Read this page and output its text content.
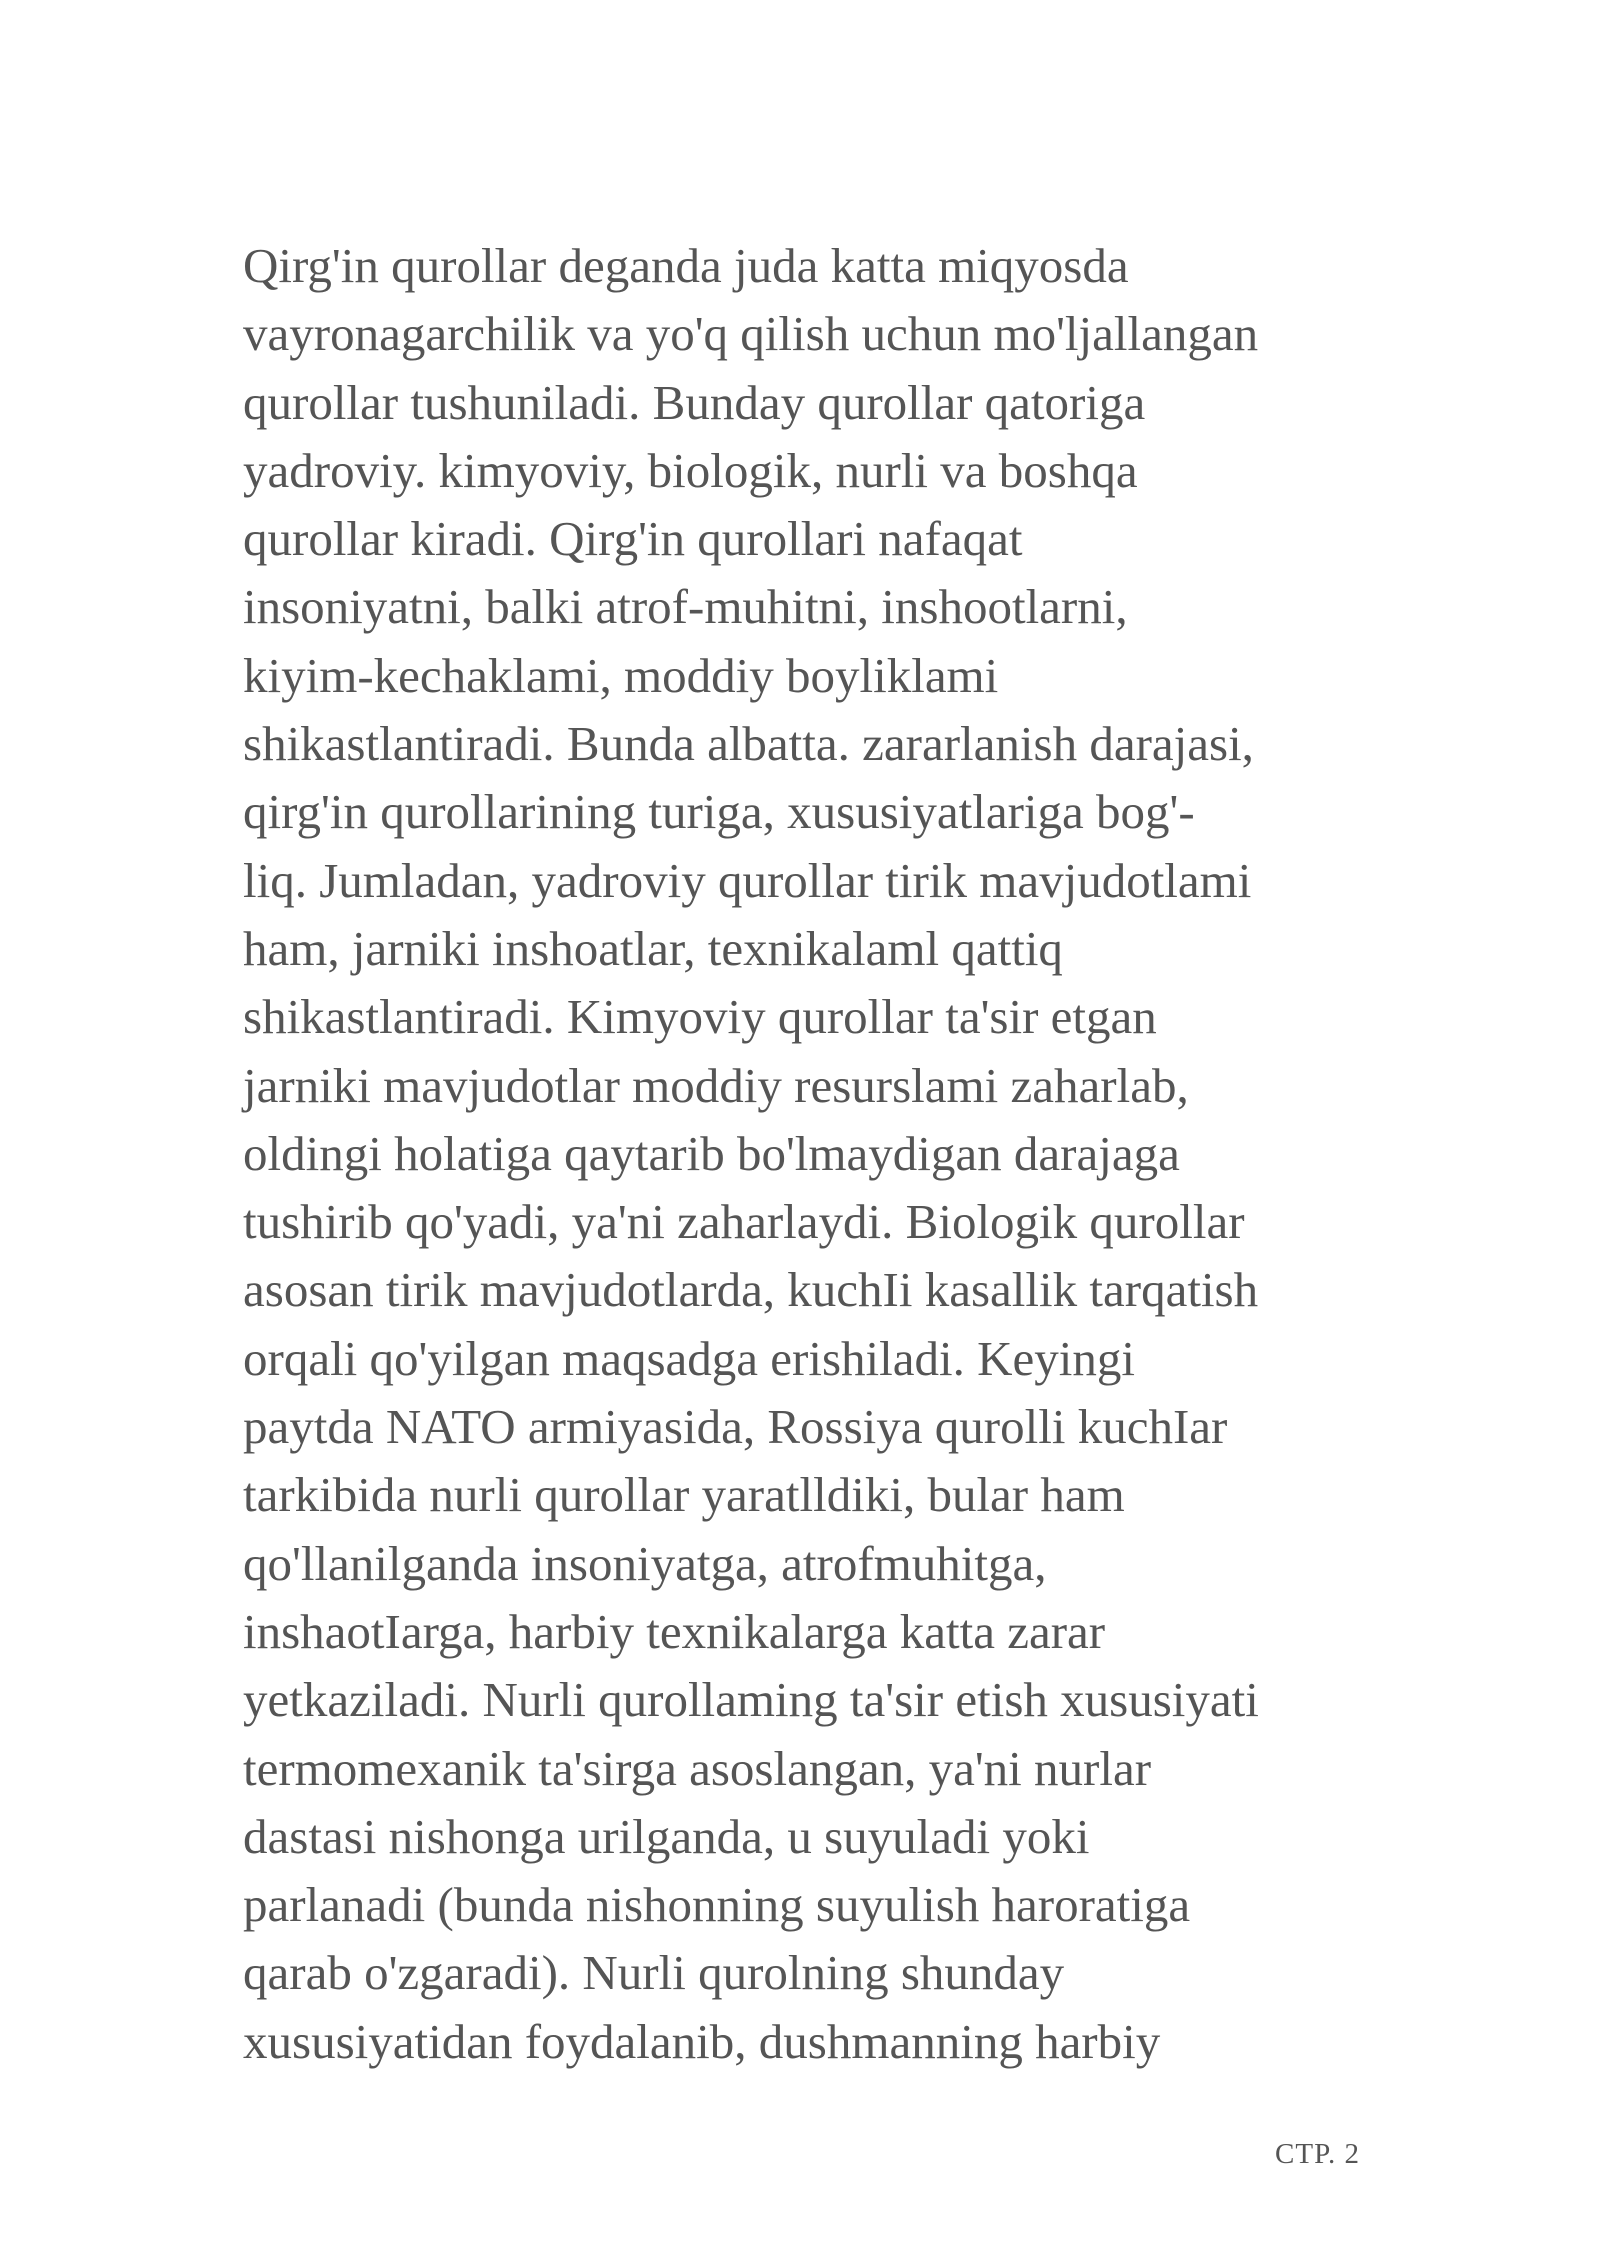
Qirg'in qurollar deganda juda katta miqyosda
vayronagarchilik va yo'q qilish uchun mo'ljallangan
qurollar tushuniladi. Bunday qurollar qatoriga
yadroviy. kimyoviy, biologik, nurli va boshqa
qurollar kiradi. Qirg'in qurollari nafaqat
insoniyatni, balki atrof-muhitni, inshootlarni,
kiyim-kechaklami, moddiy boyliklami
shikastlantiradi. Bunda albatta. zararlanish darajasi,
qirg'in qurollarining turiga, xususiyatlariga bog'-
liq. Jumladan, yadroviy qurollar tirik mavjudotlami
ham, jarniki inshoatlar, texnikalaml qattiq
shikastlantiradi. Kimyoviy qurollar ta'sir etgan
jarniki mavjudotlar moddiy resurslami zaharlab,
oldingi holatiga qaytarib bo'lmaydigan darajaga
tushirib qo'yadi, ya'ni zaharlaydi. Biologik qurollar
asosan tirik mavjudotlarda, kuchIi kasallik tarqatish
orqali qo'yilgan maqsadga erishiladi. Keyingi
paytda NATO armiyasida, Rossiya qurolli kuchIar
tarkibida nurli qurollar yaratlldiki, bular ham
qo'llanilganda insoniyatga, atrofmuhitga,
inshaotIarga, harbiy texnikalarga katta zarar
yetkaziladi. Nurli qurollaming ta'sir etish xususiyati
termomexanik ta'sirga asoslangan, ya'ni nurlar
dastasi nishonga urilganda, u suyuladi yoki
parlanadi (bunda nishonning suyulish haroratiga
qarab o'zgaradi). Nurli qurolning shunday
xususiyatidan foydalanib, dushmanning harbiy

CTP. 2
